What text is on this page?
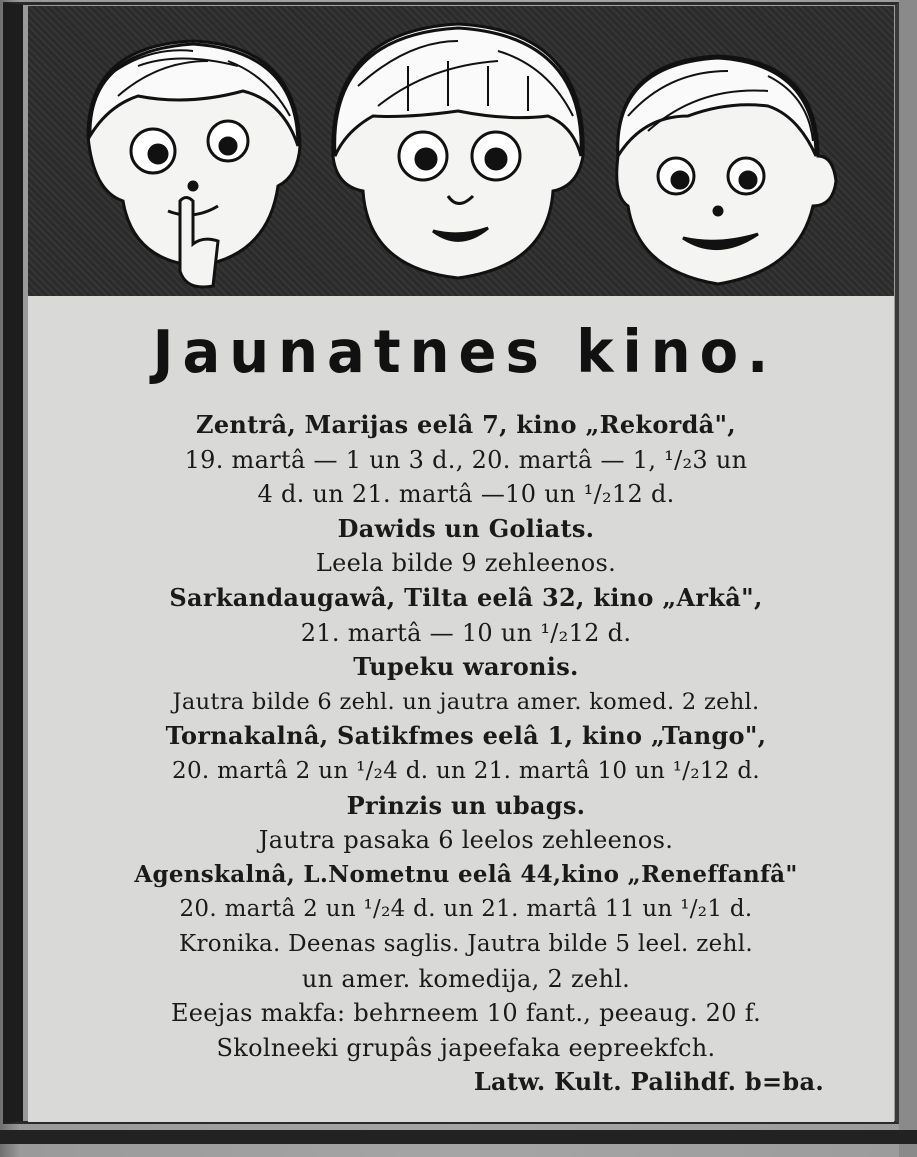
Jaunatnes kino.
Zentrâ, Marijas eelâ 7, kino „Rekordâ",
19. martâ — 1 un 3 d., 20. martâ — 1, ¹/₂3 un
4 d. un 21. martâ —10 un ¹/₂12 d.
Dawids un Goliats.
Leela bilde 9 zehleenos.
Sarkandaugawâ, Tilta eelâ 32, kino „Arkâ",
21. martâ — 10 un ¹/₂12 d.
Tupeku waronis.
Jautra bilde 6 zehl. un jautra amer. komed. 2 zehl.
Tornakalnâ, Satikfmes eelâ 1, kino „Tango",
20. martâ 2 un ¹/₂4 d. un 21. martâ 10 un ¹/₂12 d.
Prinzis un ubags.
Jautra pasaka 6 leelos zehleenos.
Agenskalnâ, L.Nometnu eelâ 44,kino „Reneffanfâ"
20. martâ 2 un ¹/₂4 d. un 21. martâ 11 un ¹/₂1 d.
Kronika. Deenas saglis. Jautra bilde 5 leel. zehl.
un amer. komedija, 2 zehl.
Eeejas makfa: behrneem 10 fant., peeaug. 20 f.
Skolneeki grupâs japeefaka eepreekfch.
Latw. Kult. Palihdf. b=ba.
